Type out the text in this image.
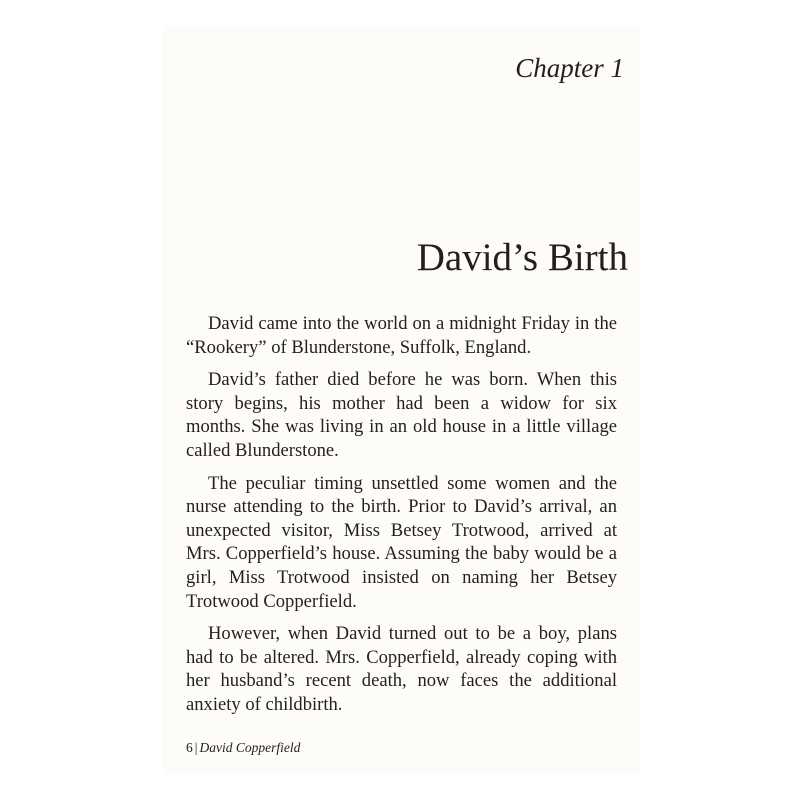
Chapter 1
David’s Birth

David came into the world on a midnight Friday in the “Rookery” of Blunderstone, Suffolk, England.

David’s father died before he was born. When this story begins, his mother had been a widow for six months. She was living in an old house in a little village called Blunderstone.

The peculiar timing unsettled some women and the nurse attending to the birth. Prior to David’s arrival, an unexpected visitor, Miss Betsey Trotwood, arrived at Mrs. Copperfield’s house. Assuming the baby would be a girl, Miss Trotwood insisted on naming her Betsey Trotwood Copperfield.

However, when David turned out to be a boy, plans had to be altered. Mrs. Copperfield, already coping with her husband’s recent death, now faces the additional anxiety of childbirth.

6 | David Copperfield
